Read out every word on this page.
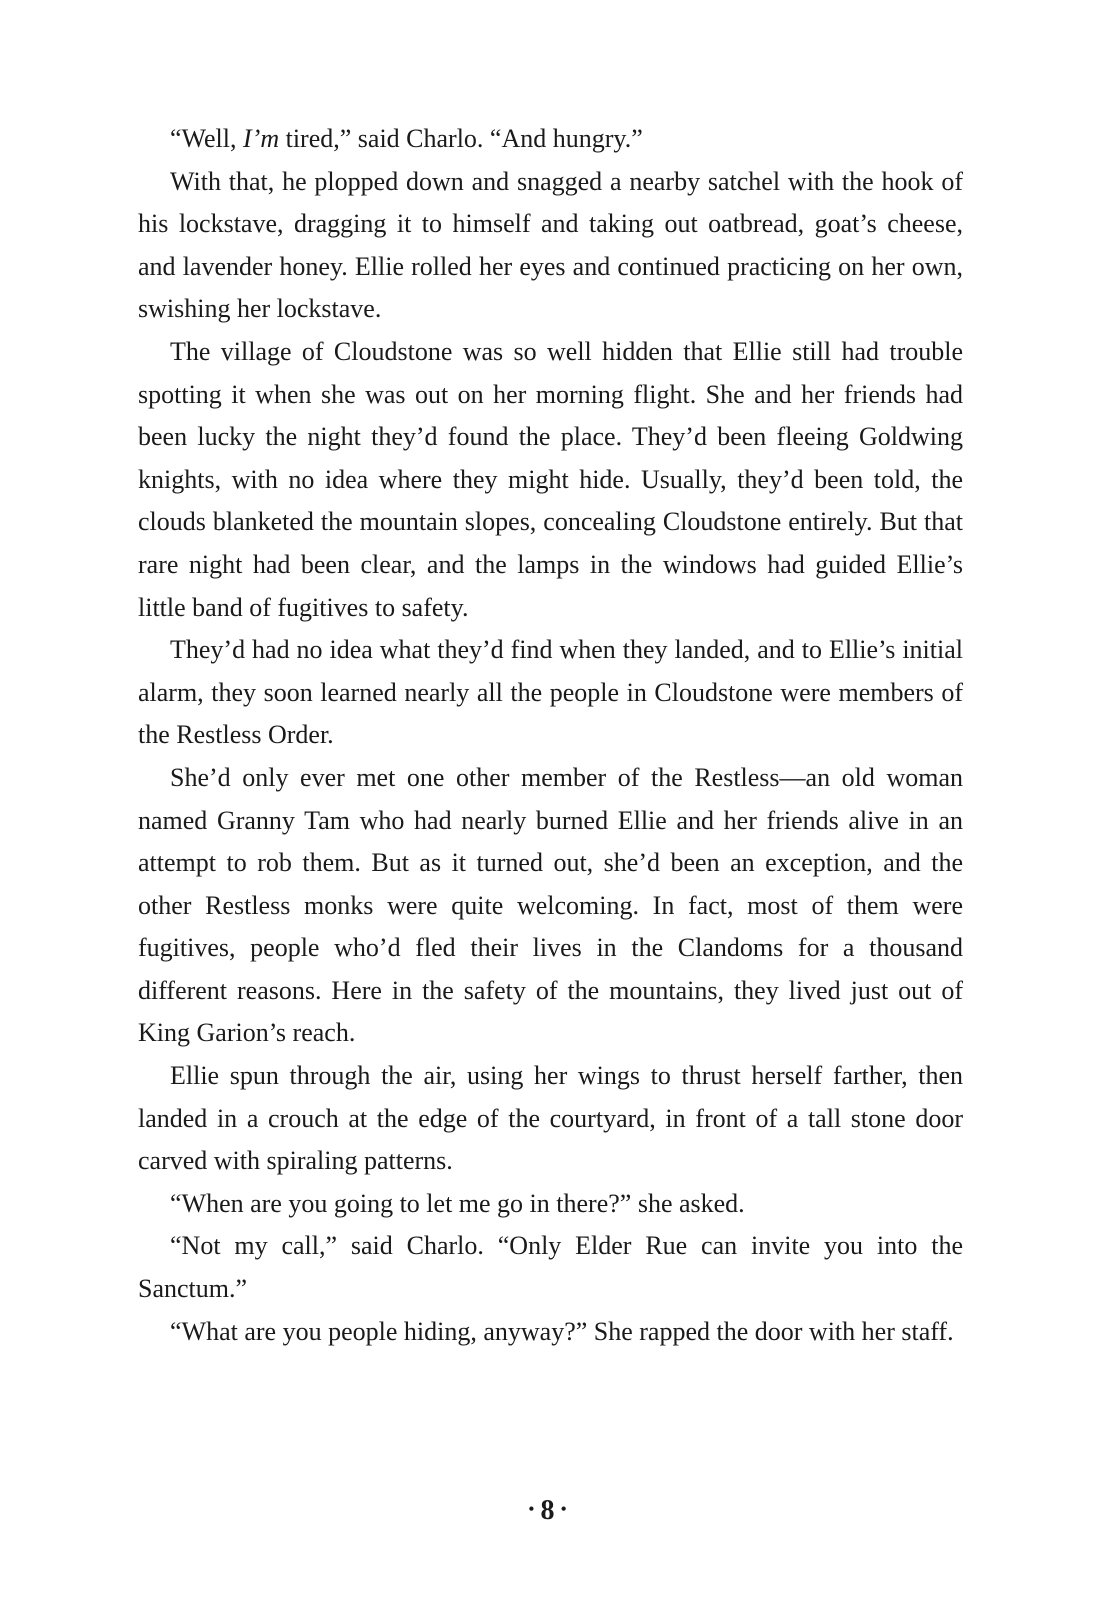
“Well, I’m tired,” said Charlo. “And hungry.”

With that, he plopped down and snagged a nearby satchel with the hook of his lockstave, dragging it to himself and taking out oatbread, goat’s cheese, and lavender honey. Ellie rolled her eyes and continued practicing on her own, swishing her lockstave.

The village of Cloudstone was so well hidden that Ellie still had trouble spotting it when she was out on her morning flight. She and her friends had been lucky the night they’d found the place. They’d been fleeing Goldwing knights, with no idea where they might hide. Usually, they’d been told, the clouds blanketed the mountain slopes, concealing Cloudstone entirely. But that rare night had been clear, and the lamps in the windows had guided Ellie’s little band of fugitives to safety.

They’d had no idea what they’d find when they landed, and to Ellie’s initial alarm, they soon learned nearly all the people in Cloudstone were members of the Restless Order.

She’d only ever met one other member of the Restless—an old woman named Granny Tam who had nearly burned Ellie and her friends alive in an attempt to rob them. But as it turned out, she’d been an exception, and the other Restless monks were quite welcoming. In fact, most of them were fugitives, people who’d fled their lives in the Clandoms for a thousand different reasons. Here in the safety of the mountains, they lived just out of King Garion’s reach.

Ellie spun through the air, using her wings to thrust herself farther, then landed in a crouch at the edge of the courtyard, in front of a tall stone door carved with spiraling patterns.

“When are you going to let me go in there?” she asked.

“Not my call,” said Charlo. “Only Elder Rue can invite you into the Sanctum.”

“What are you people hiding, anyway?” She rapped the door with her staff.

•8•
